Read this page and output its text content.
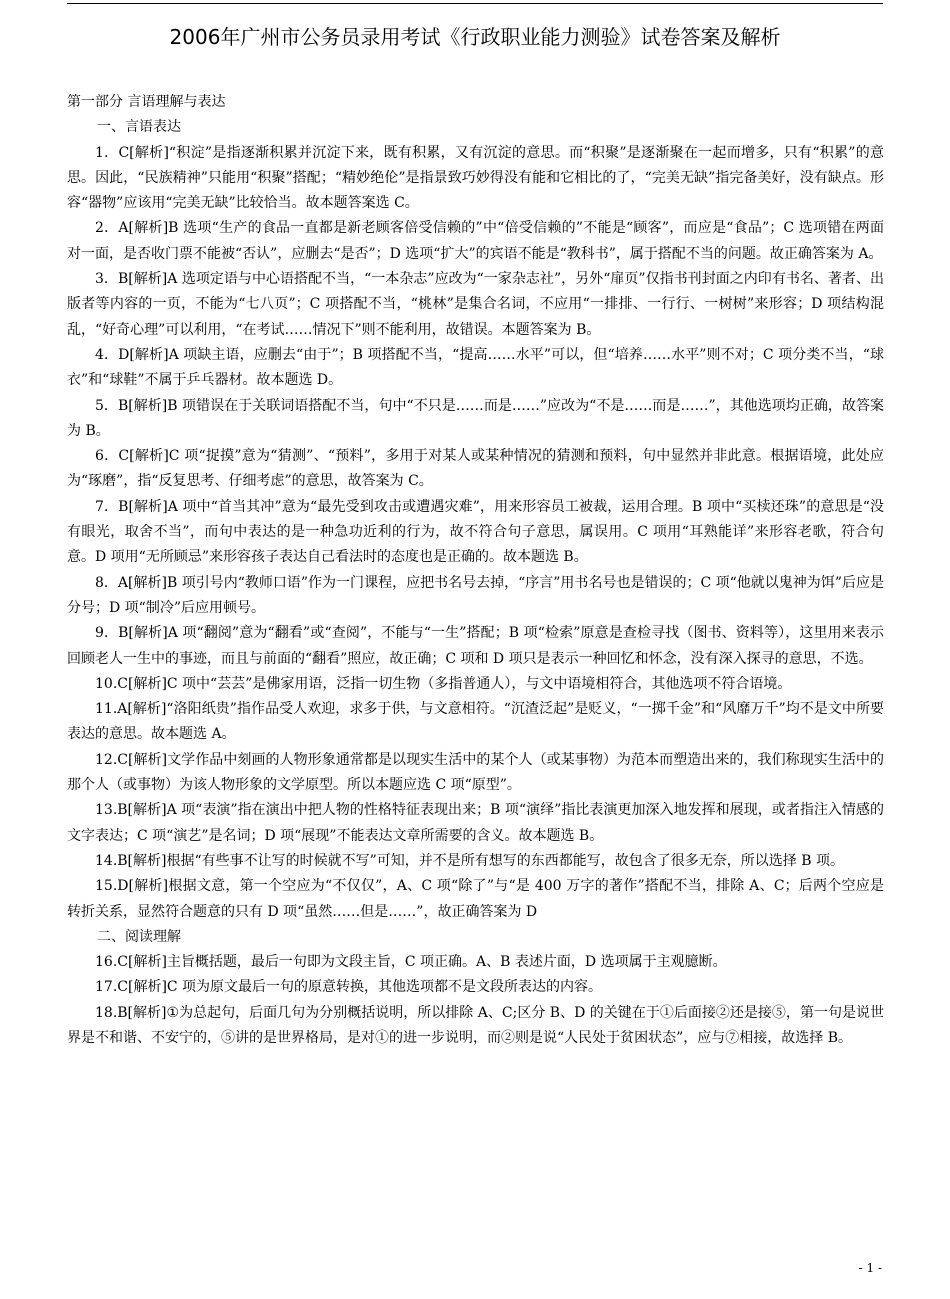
2006年广州市公务员录用考试《行政职业能力测验》试卷答案及解析

第一部分 言语理解与表达

一、言语表达

1．C[解析]“积淀”是指逐渐积累并沉淀下来，既有积累，又有沉淀的意思。而“积聚”是逐渐聚在一起而增多，只有“积累”的意思。因此，“民族精神”只能用“积聚”搭配；“精妙绝伦”是指景致巧妙得没有能和它相比的了，“完美无缺”指完备美好，没有缺点。形容“器物”应该用“完美无缺”比较恰当。故本题答案选 C。

2．A[解析]B 选项“生产的食品一直都是新老顾客倍受信赖的”中“倍受信赖的”不能是“顾客”，而应是“食品”；C 选项错在两面对一面，是否收门票不能被“否认”，应删去“是否”；D 选项“扩大”的宾语不能是“教科书”，属于搭配不当的问题。故正确答案为 A。

3．B[解析]A 选项定语与中心语搭配不当，“一本杂志”应改为“一家杂志社”，另外“扉页”仅指书刊封面之内印有书名、著者、出版者等内容的一页，不能为“七八页”；C 项搭配不当，“桃林”是集合名词，不应用“一排排、一行行、一树树”来形容；D 项结构混乱，“好奇心理”可以利用，“在考试……情况下”则不能利用，故错误。本题答案为 B。

4．D[解析]A 项缺主语，应删去“由于”；B 项搭配不当，“提高……水平”可以，但“培养……水平”则不对；C 项分类不当，“球衣”和“球鞋”不属于乒乓器材。故本题选 D。

5．B[解析]B 项错误在于关联词语搭配不当，句中“不只是……而是……”应改为“不是……而是……”，其他选项均正确，故答案为 B。

6．C[解析]C 项“捉摸”意为“猜测”、“预料”，多用于对某人或某种情况的猜测和预料，句中显然并非此意。根据语境，此处应为“琢磨”，指“反复思考、仔细考虑”的意思，故答案为 C。

7．B[解析]A 项中“首当其冲”意为“最先受到攻击或遭遇灾难”，用来形容员工被裁，运用合理。B 项中“买椟还珠”的意思是“没有眼光，取舍不当”，而句中表达的是一种急功近利的行为，故不符合句子意思，属误用。C 项用“耳熟能详”来形容老歌，符合句意。D 项用“无所顾忌”来形容孩子表达自己看法时的态度也是正确的。故本题选 B。

8．A[解析]B 项引号内“教师口语”作为一门课程，应把书名号去掉，“序言”用书名号也是错误的；C 项“他就以鬼神为饵”后应是分号；D 项“制冷”后应用顿号。

9．B[解析]A 项“翻阅”意为“翻看”或“查阅”，不能与“一生”搭配；B 项“检索”原意是查检寻找（图书、资料等），这里用来表示回顾老人一生中的事迹，而且与前面的“翻看”照应，故正确；C 项和 D 项只是表示一种回忆和怀念，没有深入探寻的意思，不选。

10.C[解析]C 项中“芸芸”是佛家用语，泛指一切生物（多指普通人），与文中语境相符合，其他选项不符合语境。

11.A[解析]“洛阳纸贵”指作品受人欢迎，求多于供，与文意相符。“沉渣泛起”是贬义，“一掷千金”和“风靡万千”均不是文中所要表达的意思。故本题选 A。

12.C[解析]文学作品中刻画的人物形象通常都是以现实生活中的某个人（或某事物）为范本而塑造出来的，我们称现实生活中的那个人（或事物）为该人物形象的文学原型。所以本题应选 C 项“原型”。

13.B[解析]A 项“表演”指在演出中把人物的性格特征表现出来；B 项“演绎”指比表演更加深入地发挥和展现，或者指注入情感的文字表达；C 项“演艺”是名词；D 项“展现”不能表达文章所需要的含义。故本题选 B。

14.B[解析]根据“有些事不让写的时候就不写”可知，并不是所有想写的东西都能写，故包含了很多无奈，所以选择 B 项。

15.D[解析]根据文意，第一个空应为“不仅仅”，A、C 项“除了”与“是 400 万字的著作”搭配不当，排除 A、C；后两个空应是转折关系，显然符合题意的只有 D 项“虽然……但是……”，故正确答案为 D

二、阅读理解

16.C[解析]主旨概括题，最后一句即为文段主旨，C 项正确。A、B 表述片面，D 选项属于主观臆断。

17.C[解析]C 项为原文最后一句的原意转换，其他选项都不是文段所表达的内容。

18.B[解析]①为总起句，后面几句为分别概括说明，所以排除 A、C;区分 B、D 的关键在于①后面接②还是接⑤，第一句是说世界是不和谐、不安宁的，⑤讲的是世界格局，是对①的进一步说明，而②则是说“人民处于贫困状态”，应与⑦相接，故选择 B。

- 1 -
